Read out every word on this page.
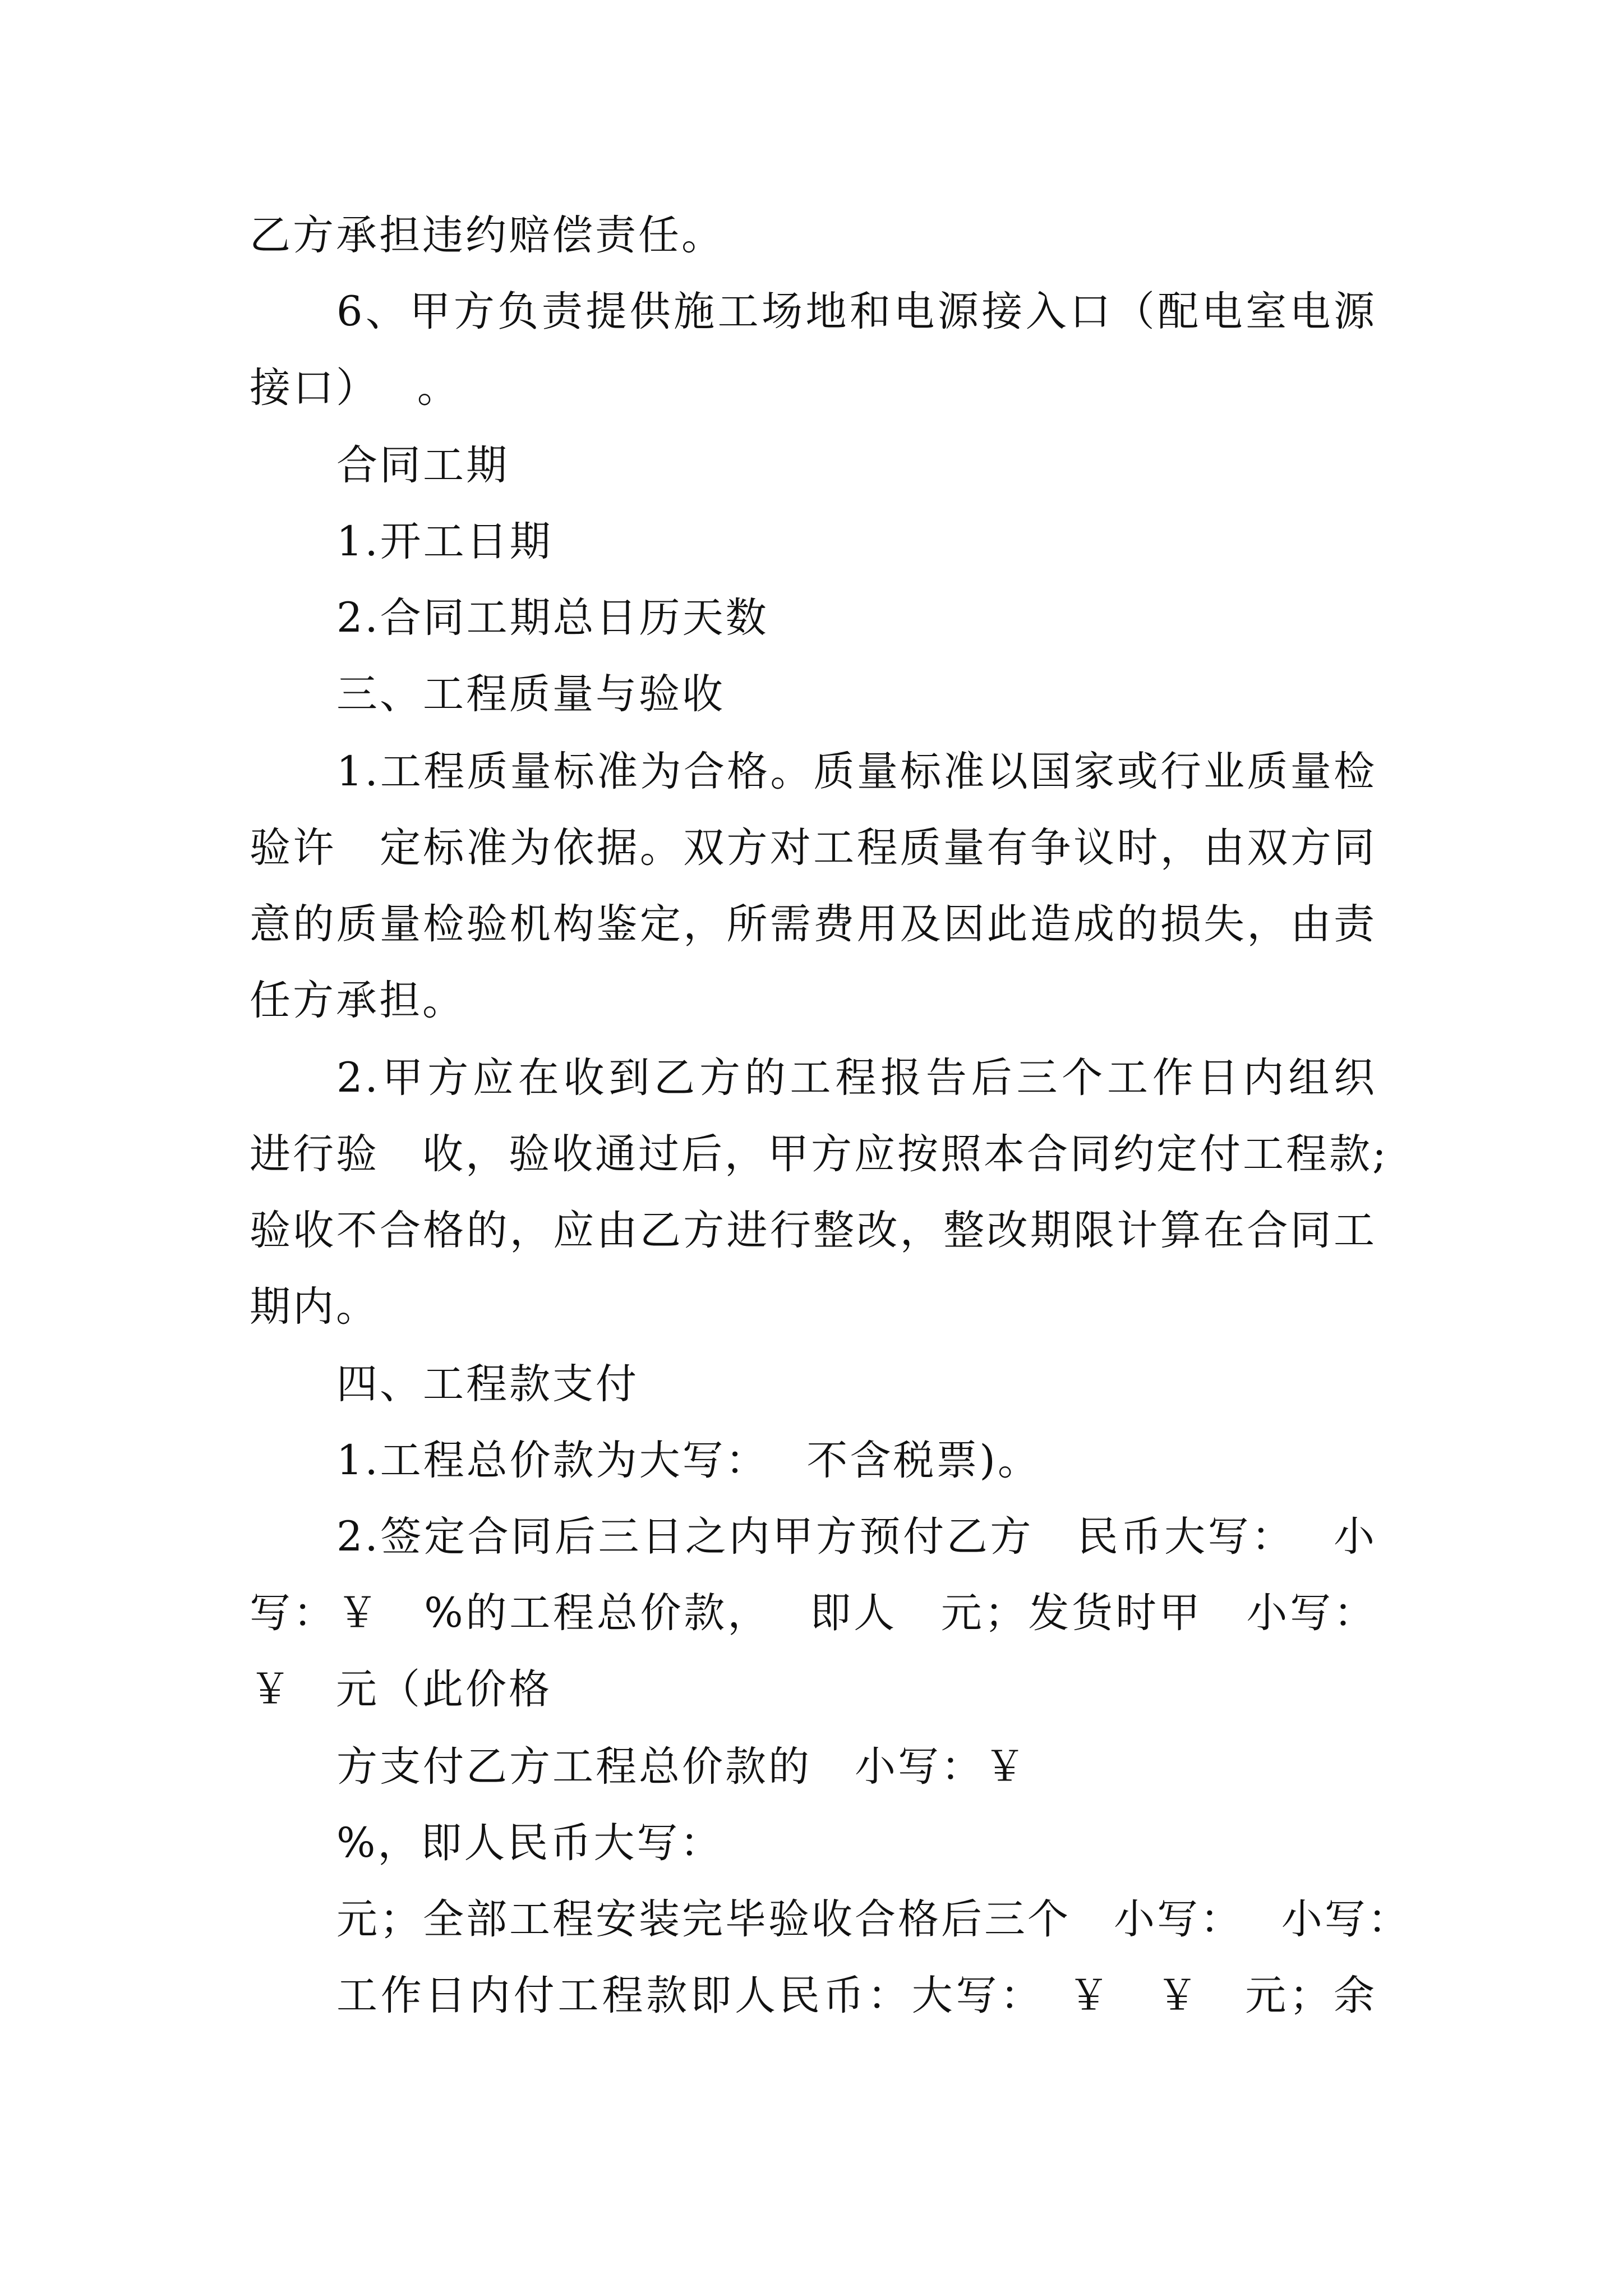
乙方承担违约赔偿责任。
6、甲方负责提供施工场地和电源接入口（配电室电源
接口）　 。
合同工期
1.开工日期
2.合同工期总日历天数
三、工程质量与验收
1.工程质量标准为合格。质量标准以国家或行业质量检
验许　定标准为依据。双方对工程质量有争议时，由双方同
意的质量检验机构鉴定，所需费用及因此造成的损失，由责
任方承担。
2.甲方应在收到乙方的工程报告后三个工作日内组织
进行验　收，验收通过后，甲方应按照本合同约定付工程款;
验收不合格的，应由乙方进行整改，整改期限计算在合同工
期内。
四、工程款支付
1.工程总价款为大写：　 不含税票)。
2.签定合同后三日之内甲方预付乙方　民币大写：　 小
写：￥　%的工程总价款，　 即人　元；发货时甲　小写：
￥　元（此价格
方支付乙方工程总价款的　小写：￥
%，即人民币大写：
元；全部工程安装完毕验收合格后三个　小写：　 小写：
工作日内付工程款即人民币：大写：　￥　￥　元；余
